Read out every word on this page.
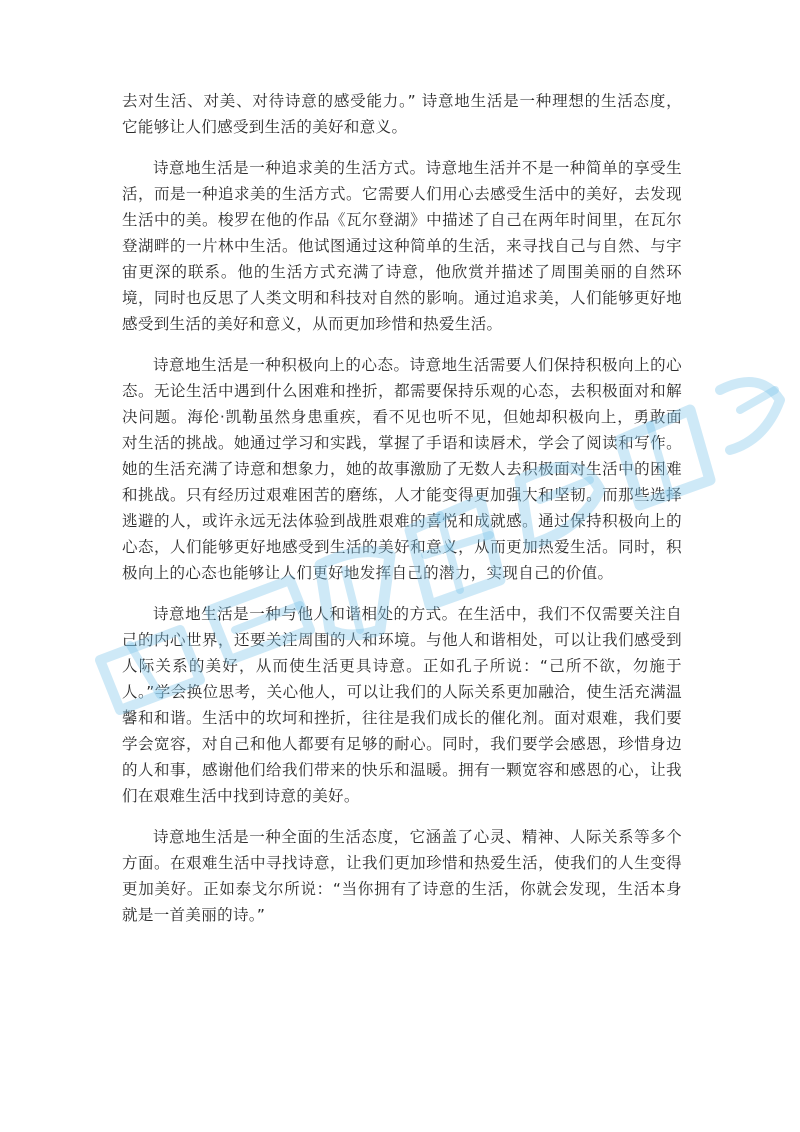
去对生活、对美、对待诗意的感受能力。” 诗意地生活是一种理想的生活态度，它能够让人们感受到生活的美好和意义。

诗意地生活是一种追求美的生活方式。诗意地生活并不是一种简单的享受生活，而是一种追求美的生活方式。它需要人们用心去感受生活中的美好，去发现生活中的美。梭罗在他的作品《瓦尔登湖》中描述了自己在两年时间里，在瓦尔登湖畔的一片林中生活。他试图通过这种简单的生活，来寻找自己与自然、与宇宙更深的联系。他的生活方式充满了诗意，他欣赏并描述了周围美丽的自然环境，同时也反思了人类文明和科技对自然的影响。通过追求美，人们能够更好地感受到生活的美好和意义，从而更加珍惜和热爱生活。

诗意地生活是一种积极向上的心态。诗意地生活需要人们保持积极向上的心态。无论生活中遇到什么困难和挫折，都需要保持乐观的心态，去积极面对和解决问题。海伦·凯勒虽然身患重疾，看不见也听不见，但她却积极向上，勇敢面对生活的挑战。她通过学习和实践，掌握了手语和读唇术，学会了阅读和写作。她的生活充满了诗意和想象力，她的故事激励了无数人去积极面对生活中的困难和挑战。只有经历过艰难困苦的磨练，人才能变得更加强大和坚韧。而那些选择逃避的人，或许永远无法体验到战胜艰难的喜悦和成就感。通过保持积极向上的心态，人们能够更好地感受到生活的美好和意义，从而更加热爱生活。同时，积极向上的心态也能够让人们更好地发挥自己的潜力，实现自己的价值。

诗意地生活是一种与他人和谐相处的方式。在生活中，我们不仅需要关注自己的内心世界，还要关注周围的人和环境。与他人和谐相处，可以让我们感受到人际关系的美好，从而使生活更具诗意。正如孔子所说：“己所不欲，勿施于人。”学会换位思考，关心他人，可以让我们的人际关系更加融洽，使生活充满温馨和和谐。生活中的坎坷和挫折，往往是我们成长的催化剂。面对艰难，我们要学会宽容，对自己和他人都要有足够的耐心。同时，我们要学会感恩，珍惜身边的人和事，感谢他们给我们带来的快乐和温暖。拥有一颗宽容和感恩的心，让我们在艰难生活中找到诗意的美好。

诗意地生活是一种全面的生活态度，它涵盖了心灵、精神、人际关系等多个方面。在艰难生活中寻找诗意，让我们更加珍惜和热爱生活，使我们的人生变得更加美好。正如泰戈尔所说：“当你拥有了诗意的生活，你就会发现，生活本身就是一首美丽的诗。”
